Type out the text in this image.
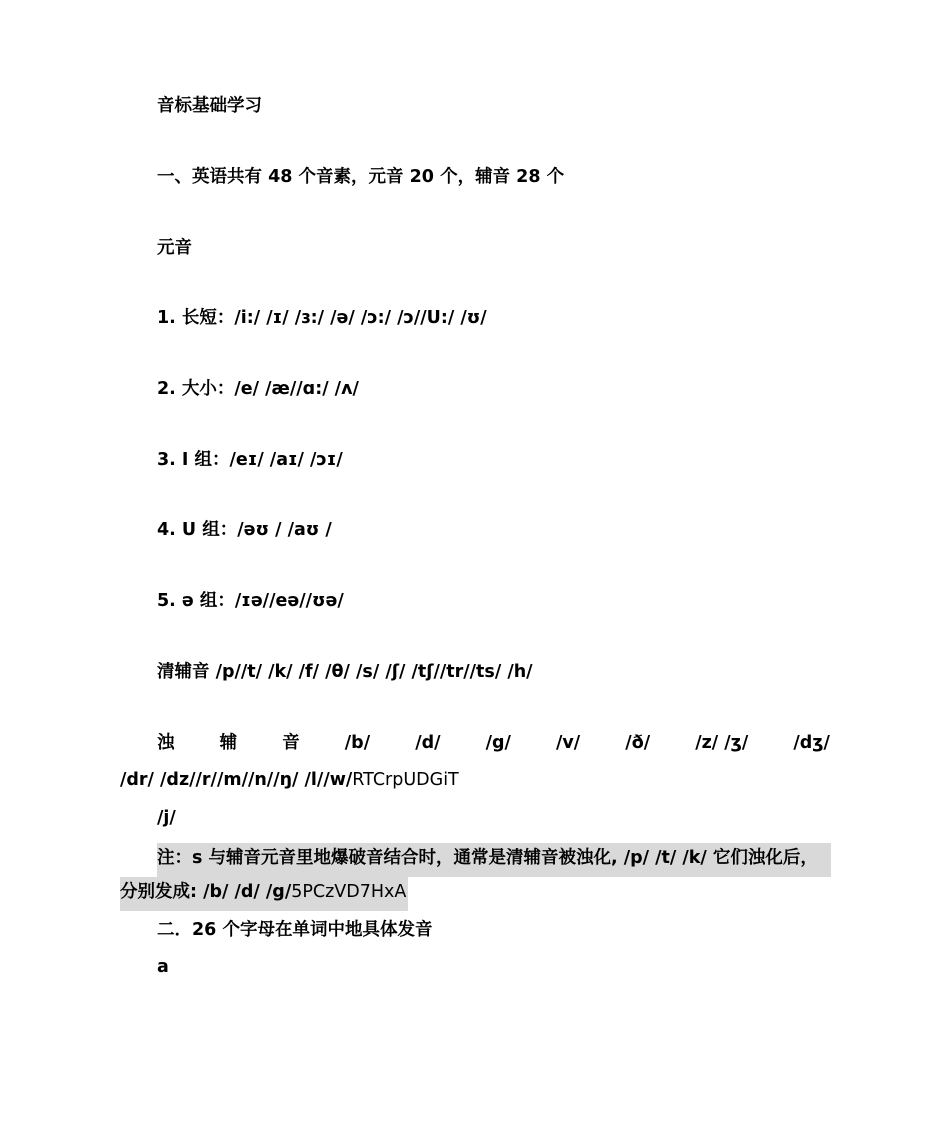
音标基础学习
一、英语共有 48 个音素，元音 20 个，辅音 28 个
元音
1. 长短：/i:/ /ɪ/ /ɜ:/ /ə/ /ɔ:/ /ɔ//U:/ /ʊ/
2. 大小：/e/ /æ//ɑ:/ /ʌ/
3. I 组：/eɪ/ /aɪ/ /ɔɪ/
4. U 组：/əʊ / /aʊ /
5. ə 组：/ɪə//eə//ʊə/
清辅音 /p//t/ /k/ /f/ /θ/ /s/ /ʃ/ /tʃ//tr//ts/ /h/
浊	辅	音	/b/	/d/	/g/	/v/	/ð/	/z/ /ʒ/	/dʒ/
/dr/ /dz//r//m//n//ŋ/ /l//w/RTCrpUDGiT
/j/
注：s 与辅音元音里地爆破音结合时，通常是清辅音被浊化, /p/ /t/ /k/ 它们浊化后，
分别发成: /b/ /d/ /g/5PCzVD7HxA
二．26 个字母在单词中地具体发音
a
